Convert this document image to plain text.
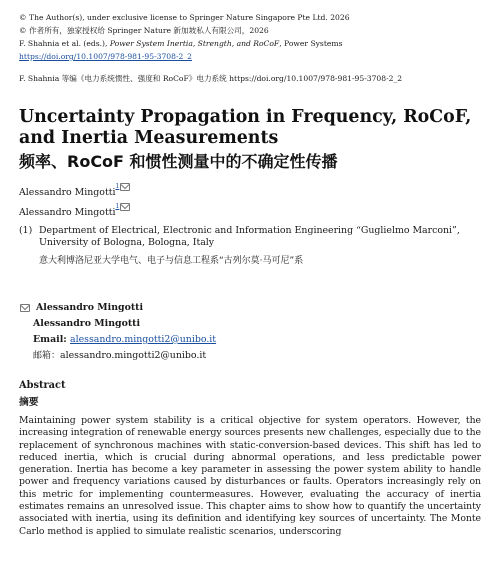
© The Author(s), under exclusive license to Springer Nature Singapore Pte Ltd. 2026
© 作者所有，独家授权给 Springer Nature 新加坡私人有限公司，2026
F. Shahnia et al. (eds.), Power System Inertia, Strength, and RoCoF, Power Systems
https://doi.org/10.1007/978-981-95-3708-2_2
F. Shahnia 等编《电力系统惯性、强度和 RoCoF》电力系统 https://doi.org/10.1007/978-981-95-3708-2_2
Uncertainty Propagation in Frequency, RoCoF, and Inertia Measurements
频率、RoCoF 和惯性测量中的不确定性传播
Alessandro Mingotti
1
Alessandro Mingotti
1
(1) Department of Electrical, Electronic and Information Engineering “Guglielmo Marconi”, University of Bologna, Bologna, Italy
意大利博洛尼亚大学电气、电子与信息工程系“古列尔莫·马可尼”系
Alessandro Mingotti
Alessandro Mingotti
Email: alessandro.mingotti2@unibo.it
邮箱：alessandro.mingotti2@unibo.it
Abstract
摘要
Maintaining power system stability is a critical objective for system operators. However, the increasing integration of renewable energy sources presents new challenges, especially due to the replacement of synchronous machines with static-conversion-based devices. This shift has led to reduced inertia, which is crucial during abnormal operations, and less predictable power generation. Inertia has become a key parameter in assessing the power system ability to handle power and frequency variations caused by disturbances or faults. Operators increasingly rely on this metric for implementing countermeasures. However, evaluating the accuracy of inertia estimates remains an unresolved issue. This chapter aims to show how to quantify the uncertainty associated with inertia, using its definition and identifying key sources of uncertainty. The Monte Carlo method is applied to simulate realistic scenarios, underscoring
